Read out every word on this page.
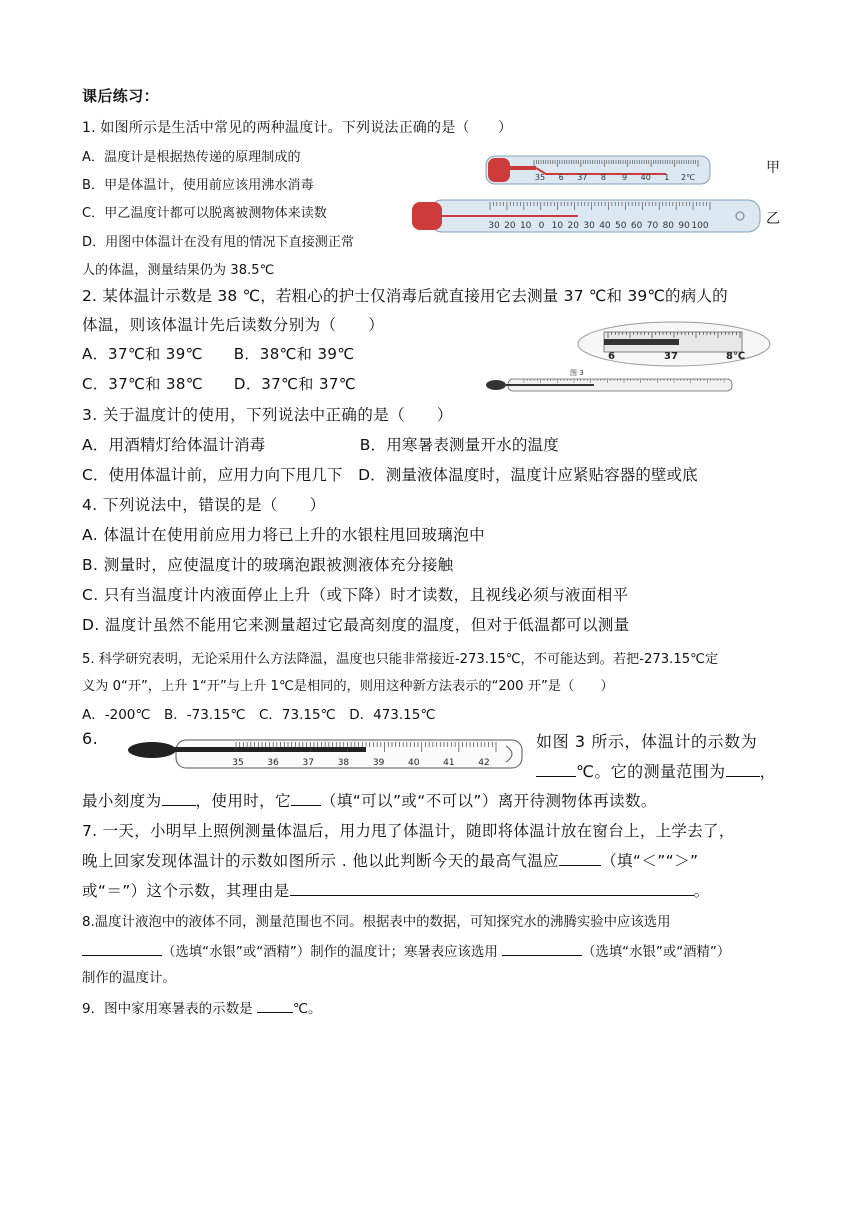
课后练习：
1. 如图所示是生活中常见的两种温度计。下列说法正确的是（　　）
A．温度计是根据热传递的原理制成的
B．甲是体温计，使用前应该用沸水消毒
C．甲乙温度计都可以脱离被测物体来读数
D．用图中体温计在没有甩的情况下直接测正常
人的体温，测量结果仍为 38.5℃
35 6 37 8 9 40 1 2℃
甲
30 20 10 0 10 20 30 40 50 60 70 80 90 100	乙
2. 某体温计示数是 38 ℃，若粗心的护士仅消毒后就直接用它去测量 37 ℃和 39℃的病人的
体温，则该体温计先后读数分别为（　　）
A．37℃和 39℃　　B．38℃和 39℃
C．37℃和 38℃　　D．37℃和 37℃
6	37	8℃
图 3
3. 关于温度计的使用，下列说法中正确的是（　　）
A．用酒精灯给体温计消毒　　　　　　B．用寒暑表测量开水的温度
C．使用体温计前，应用力向下甩几下　D．测量液体温度时，温度计应紧贴容器的壁或底
4. 下列说法中，错误的是（　　）
A. 体温计在使用前应用力将已上升的水银柱甩回玻璃泡中
B. 测量时，应使温度计的玻璃泡跟被测液体充分接触
C. 只有当温度计内液面停止上升（或下降）时才读数，且视线必须与液面相平
D. 温度计虽然不能用它来测量超过它最高刻度的温度，但对于低温都可以测量
5. 科学研究表明，无论采用什么方法降温，温度也只能非常接近-273.15℃，不可能达到。若把-273.15℃定
义为 0“开”，上升 1“开”与上升 1℃是相同的，则用这种新方法表示的“200 开”是（　　）
A．-200℃　B．-73.15℃　C．73.15℃　D．473.15℃
6.
35	36	37	38	39	40	41	42
如图 3 所示，体温计的示数为
℃。它的测量范围为 ，
最小刻度为 ，使用时，它 （填“可以”或“不可以”）离开待测物体再读数。
7. 一天，小明早上照例测量体温后，用力甩了体温计，随即将体温计放在窗台上，上学去了，
晚上回家发现体温计的示数如图所示 . 他以此判断今天的最高气温应	（填“＜”“＞”
或“＝”）这个示数，其理由是	。
8.温度计液泡中的液体不同，测量范围也不同。根据表中的数据，可知探究水的沸腾实验中应该选用
（选填“水银”或“酒精”）制作的温度计；寒暑表应该选用	（选填“水银”或“酒精”）
制作的温度计。
9．图中家用寒暑表的示数是	℃。
